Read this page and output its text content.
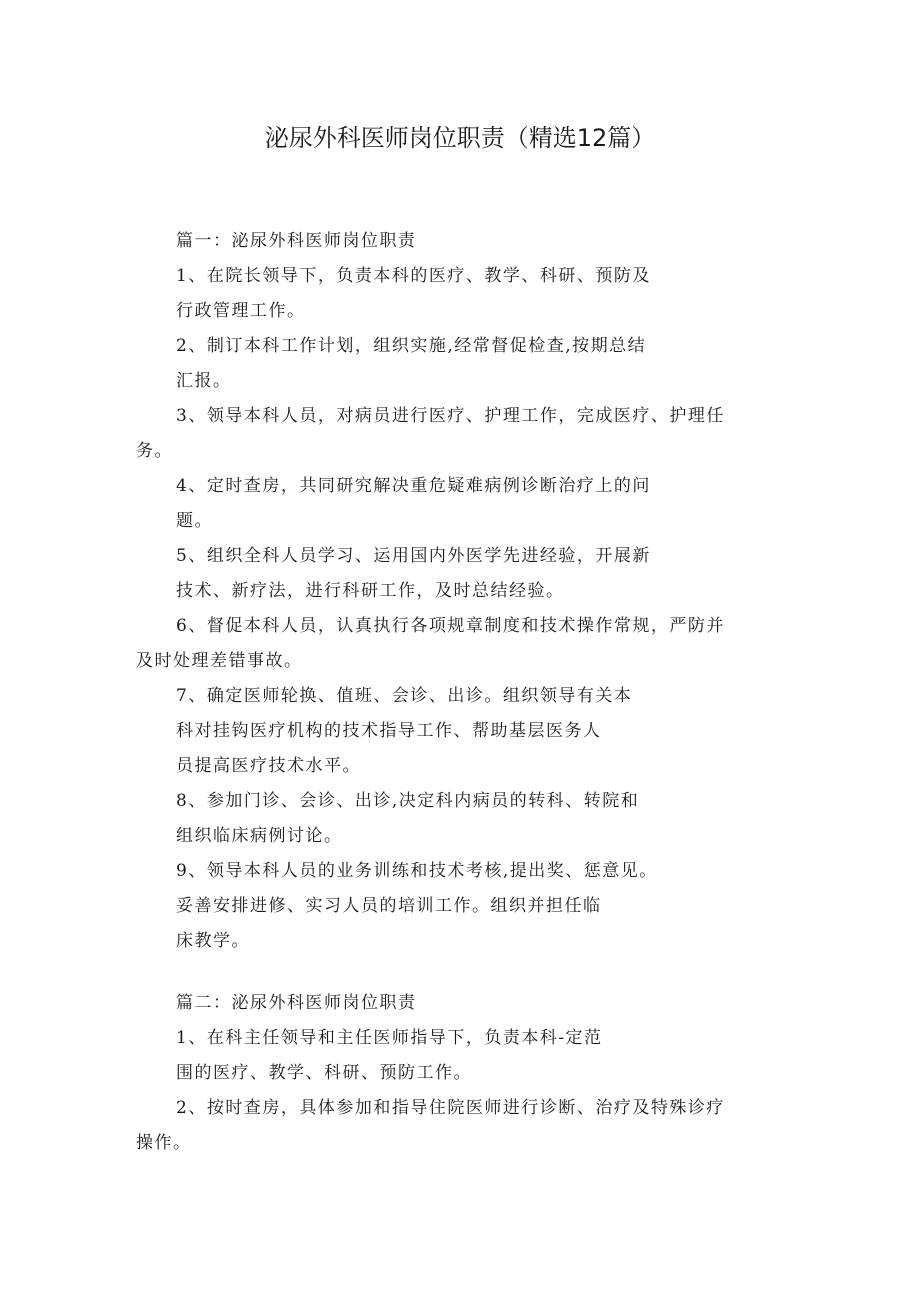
泌尿外科医师岗位职责（精选12篇）
篇一：泌尿外科医师岗位职责
1、在院长领导下，负责本科的医疗、教学、科研、预防及
行政管理工作。
2、制订本科工作计划，组织实施,经常督促检查,按期总结
汇报。
3、领导本科人员，对病员进行医疗、护理工作，完成医疗、护理任
务。
4、定时查房，共同研究解决重危疑难病例诊断治疗上的问
题。
5、组织全科人员学习、运用国内外医学先进经验，开展新
技术、新疗法，进行科研工作，及时总结经验。
6、督促本科人员，认真执行各项规章制度和技术操作常规，严防并
及时处理差错事故。
7、确定医师轮换、值班、会诊、出诊。组织领导有关本
科对挂钩医疗机构的技术指导工作、帮助基层医务人
员提高医疗技术水平。
8、参加门诊、会诊、出诊,决定科内病员的转科、转院和
组织临床病例讨论。
9、领导本科人员的业务训练和技术考核,提出奖、惩意见。
妥善安排进修、实习人员的培训工作。组织并担任临
床教学。
篇二：泌尿外科医师岗位职责
1、在科主任领导和主任医师指导下，负责本科-定范
围的医疗、教学、科研、预防工作。
2、按时查房，具体参加和指导住院医师进行诊断、治疗及特殊诊疗
操作。
